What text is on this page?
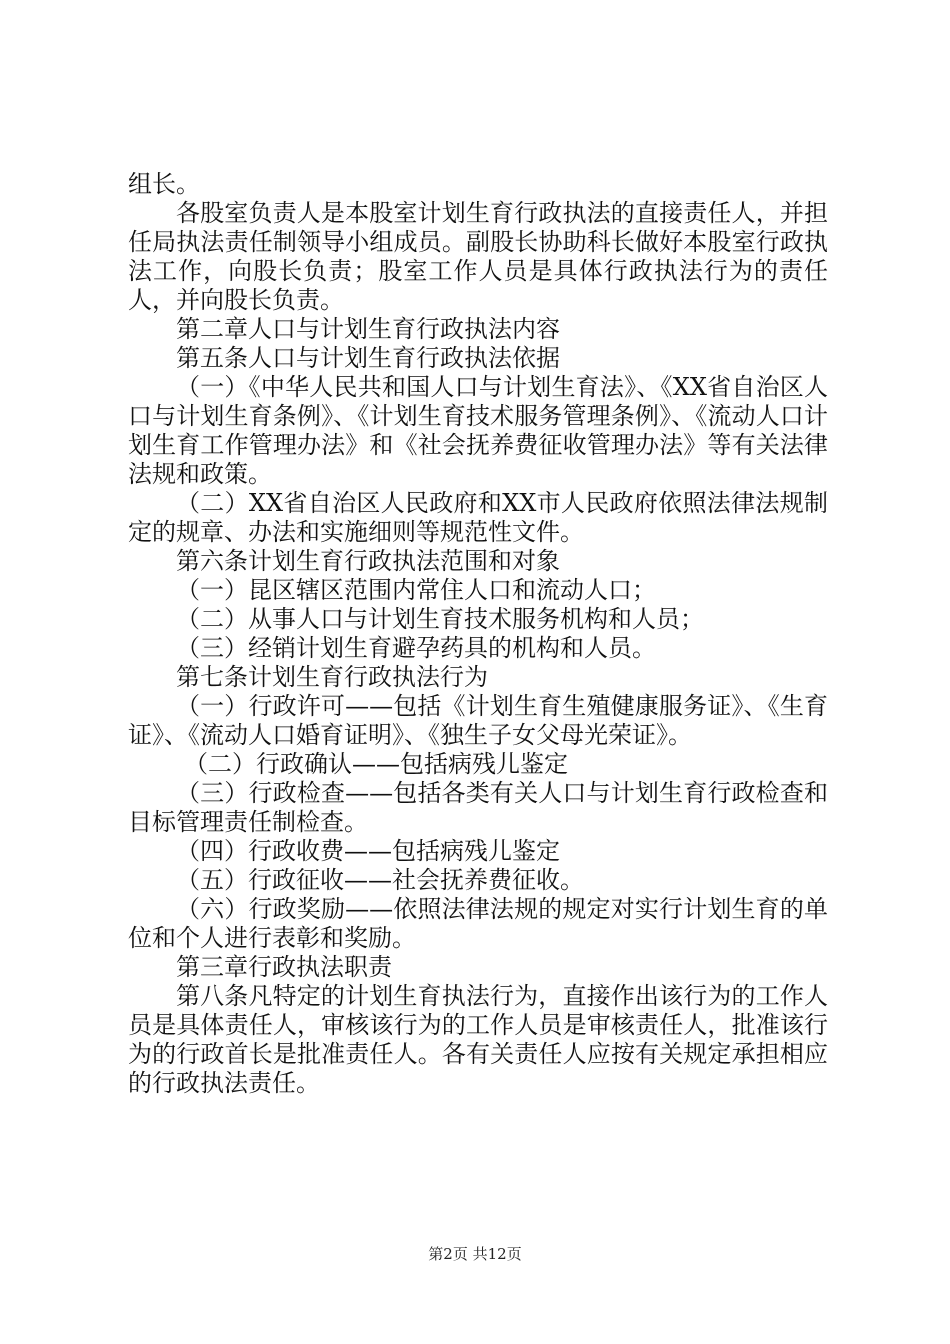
组长。

各股室负责人是本股室计划生育行政执法的直接责任人，并担任局执法责任制领导小组成员。副股长协助科长做好本股室行政执法工作，向股长负责；股室工作人员是具体行政执法行为的责任人，并向股长负责。

第二章人口与计划生育行政执法内容

第五条人口与计划生育行政执法依据

（一）《中华人民共和国人口与计划生育法》、《XX省自治区人口与计划生育条例》、《计划生育技术服务管理条例》、《流动人口计划生育工作管理办法》和《社会抚养费征收管理办法》等有关法律法规和政策。

（二）XX省自治区人民政府和XX市人民政府依照法律法规制定的规章、办法和实施细则等规范性文件。

第六条计划生育行政执法范围和对象

（一）昆区辖区范围内常住人口和流动人口；

（二）从事人口与计划生育技术服务机构和人员；

（三）经销计划生育避孕药具的机构和人员。

第七条计划生育行政执法行为

（一）行政许可——包括《计划生育生殖健康服务证》、《生育证》、《流动人口婚育证明》、《独生子女父母光荣证》。

（二）行政确认——包括病残儿鉴定

（三）行政检查——包括各类有关人口与计划生育行政检查和目标管理责任制检查。

（四）行政收费——包括病残儿鉴定

（五）行政征收——社会抚养费征收。

（六）行政奖励——依照法律法规的规定对实行计划生育的单位和个人进行表彰和奖励。

第三章行政执法职责

第八条凡特定的计划生育执法行为，直接作出该行为的工作人员是具体责任人，审核该行为的工作人员是审核责任人，批准该行为的行政首长是批准责任人。各有关责任人应按有关规定承担相应的行政执法责任。

第2页 共12页
